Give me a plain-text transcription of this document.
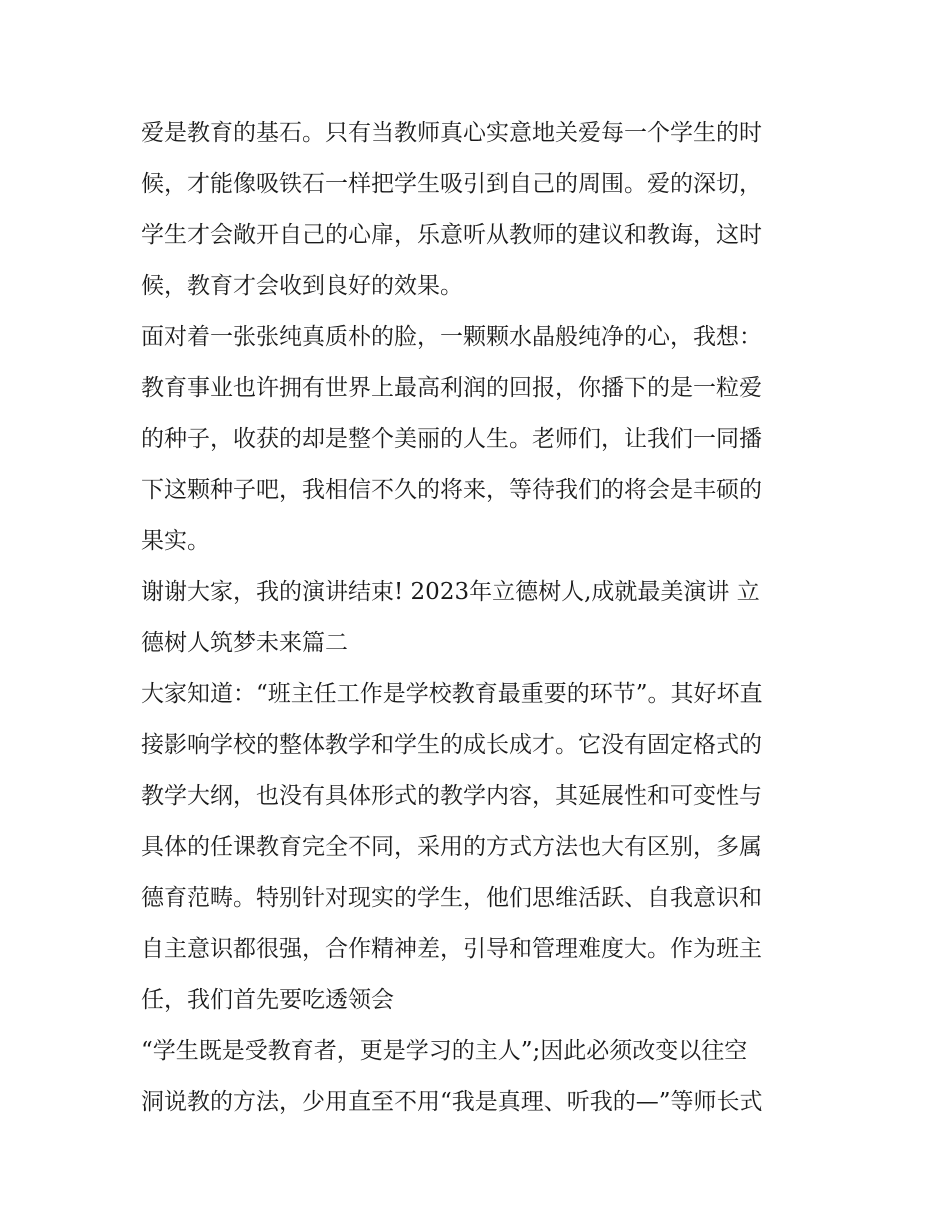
爱是教育的基石。只有当教师真心实意地关爱每一个学生的时
候，才能像吸铁石一样把学生吸引到自己的周围。爱的深切，
学生才会敞开自己的心扉，乐意听从教师的建议和教诲，这时
候，教育才会收到良好的效果。
面对着一张张纯真质朴的脸，一颗颗水晶般纯净的心，我想：
教育事业也许拥有世界上最高利润的回报，你播下的是一粒爱
的种子，收获的却是整个美丽的人生。老师们，让我们一同播
下这颗种子吧，我相信不久的将来，等待我们的将会是丰硕的
果实。
谢谢大家，我的演讲结束! 2023年立德树人,成就最美演讲 立
德树人筑梦未来篇二
大家知道：“班主任工作是学校教育最重要的环节”。其好坏直
接影响学校的整体教学和学生的成长成才。它没有固定格式的
教学大纲，也没有具体形式的教学内容，其延展性和可变性与
具体的任课教育完全不同，采用的方式方法也大有区别，多属
德育范畴。特别针对现实的学生，他们思维活跃、自我意识和
自主意识都很强，合作精神差，引导和管理难度大。作为班主
任，我们首先要吃透领会
“学生既是受教育者，更是学习的主人”;因此必须改变以往空
洞说教的方法，少用直至不用“我是真理、听我的—”等师长式
